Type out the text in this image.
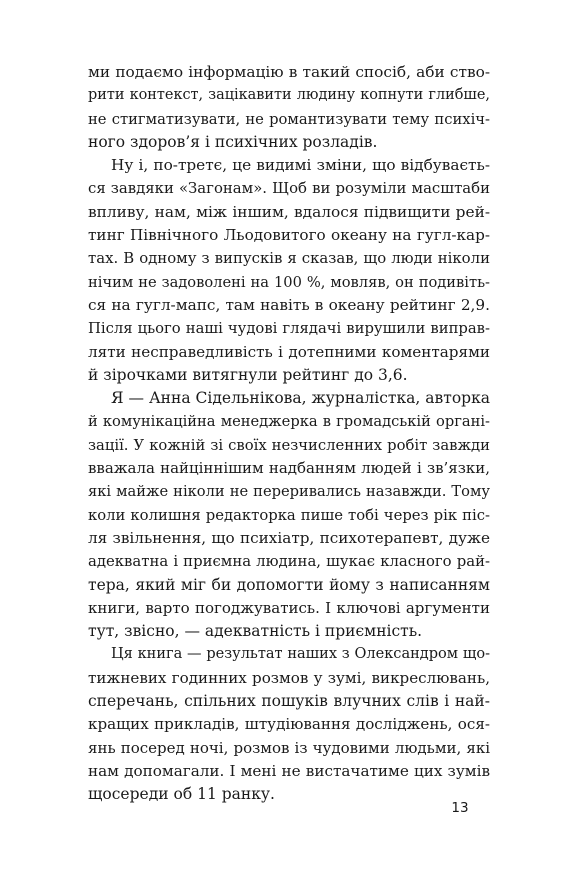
ми подаємо інформацію в такий спосіб, аби ство-
рити контекст, зацікавити людину копнути глибше,
не стигматизувати, не романтизувати тему психіч-
ного здоров’я і психічних розладів.
Ну і, по-третє, це видимі зміни, що відбуваєть-
ся завдяки «Загонам». Щоб ви розуміли масштаби
впливу, нам, між іншим, вдалося підвищити рей-
тинг Північного Льодовитого океану на гугл-кар-
тах. В одному з випусків я сказав, що люди ніколи
нічим не задоволені на 100 %, мовляв, он подивіть-
ся на гугл-мапс, там навіть в океану рейтинг 2,9.
Після цього наші чудові глядачі вирушили виправ-
ляти несправедливість і дотепними коментарями
й зірочками витягнули рейтинг до 3,6.
Я — Анна Сідельнікова, журналістка, авторка
й комунікаційна менеджерка в громадській органі-
зації. У кожній зі своїх незчисленних робіт завжди
вважала найціннішим надбанням людей і зв’язки,
які майже ніколи не переривались назавжди. Тому
коли колишня редакторка пише тобі через рік піс-
ля звільнення, що психіатр, психотерапевт, дуже
адекватна і приємна людина, шукає класного рай-
тера, який міг би допомогти йому з написанням
книги, варто погоджуватись. І ключові аргументи
тут, звісно, — адекватність і приємність.
Ця книга — результат наших з Олександром що-
тижневих годинних розмов у зумі, викреслювань,
сперечань, спільних пошуків влучних слів і най-
кращих прикладів, штудіювання досліджень, ося-
янь посеред ночі, розмов із чудовими людьми, які
нам допомагали. І мені не вистачатиме цих зумів
щосереди об 11 ранку.
13
